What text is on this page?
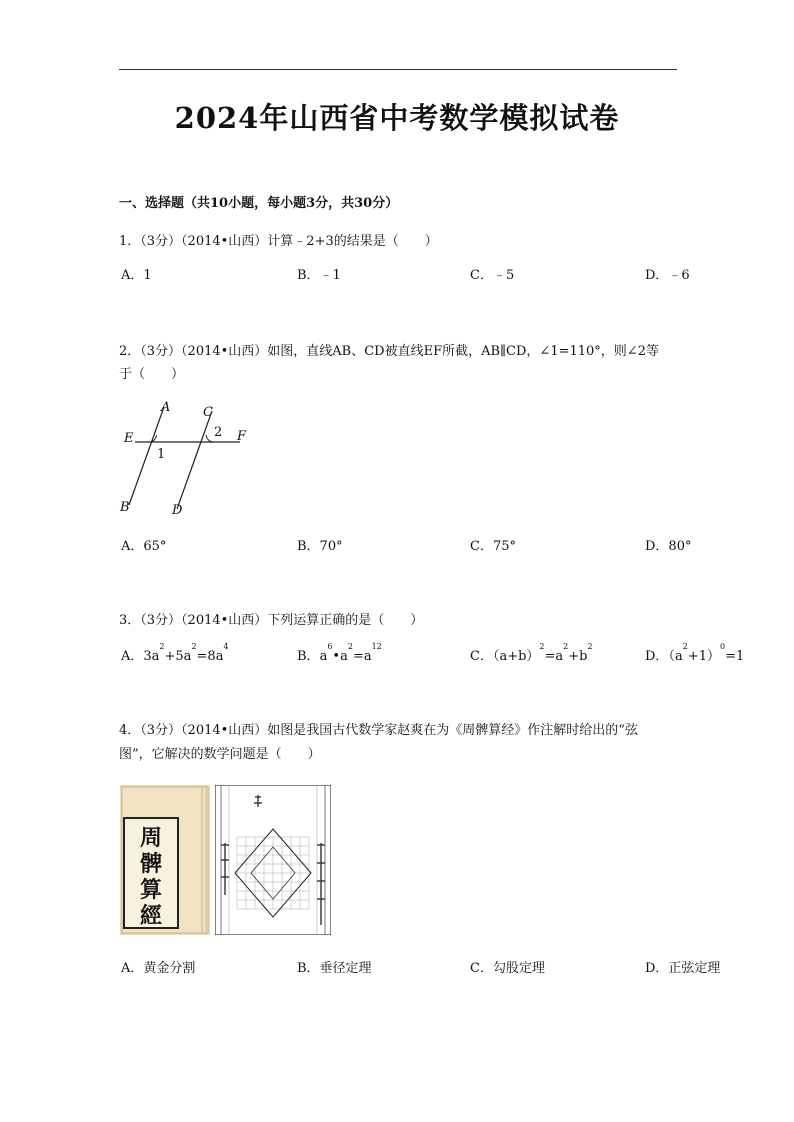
2024年山西省中考数学模拟试卷
一、选择题（共10小题，每小题3分，共30分）
1．（3分）（2014•山西）计算﹣2+3的结果是（　　）
A．1	B．﹣1	C．﹣5	D．﹣6
2．（3分）（2014•山西）如图，直线AB、CD被直线EF所截，AB∥CD，∠1=110°，则∠2等
于（　　）
A
B
C
D
E	F
1
2
A．65°	B．70°	C．75°	D．80°
3．（3分）（2014•山西）下列运算正确的是（　　）
A．$3a^2+5a^2=8a^4$
B．$a^6•a^2=a^{12}$
C．$(a+b)^2=a^2+b^2$
D．$(a^2+1)^0=1$
4．（3分）（2014•山西）如图是我国古代数学家赵爽在为《周髀算经》作注解时给出的“弦
图”，它解决的数学问题是（　　）
周
髀
算
經
A．黄金分割	B．垂径定理	C．勾股定理	D．正弦定理
